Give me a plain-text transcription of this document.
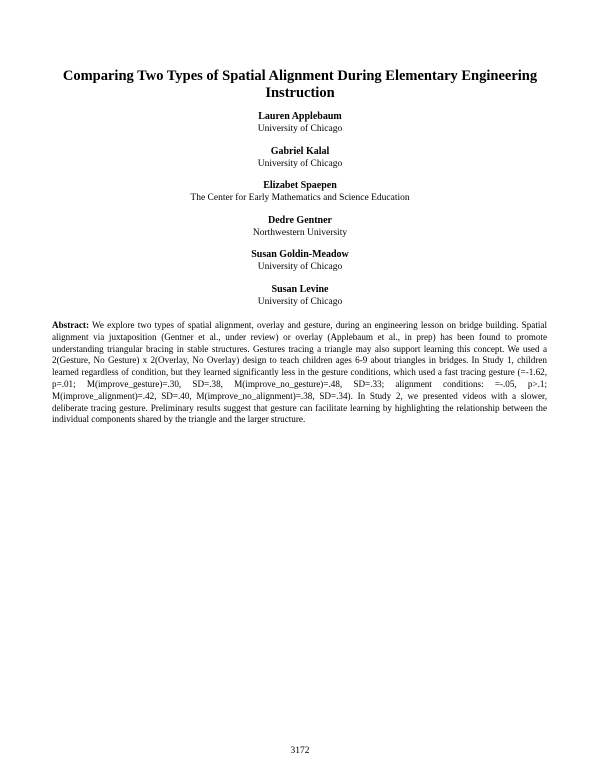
Comparing Two Types of Spatial Alignment During Elementary Engineering Instruction
Lauren Applebaum
University of Chicago
Gabriel Kalal
University of Chicago
Elizabet Spaepen
The Center for Early Mathematics and Science Education
Dedre Gentner
Northwestern University
Susan Goldin-Meadow
University of Chicago
Susan Levine
University of Chicago
Abstract: We explore two types of spatial alignment, overlay and gesture, during an engineering lesson on bridge building. Spatial alignment via juxtaposition (Gentner et al., under review) or overlay (Applebaum et al., in prep) has been found to promote understanding triangular bracing in stable structures. Gestures tracing a triangle may also support learning this concept. We used a 2(Gesture, No Gesture) x 2(Overlay, No Overlay) design to teach children ages 6-9 about triangles in bridges. In Study 1, children learned regardless of condition, but they learned significantly less in the gesture conditions, which used a fast tracing gesture (=-1.62, p=.01; M(improve_gesture)=.30, SD=.38, M(improve_no_gesture)=.48, SD=.33; alignment conditions: =-.05, p>.1; M(improve_alignment)=.42, SD=.40, M(improve_no_alignment)=.38, SD=.34). In Study 2, we presented videos with a slower, deliberate tracing gesture. Preliminary results suggest that gesture can facilitate learning by highlighting the relationship between the individual components shared by the triangle and the larger structure.
3172
